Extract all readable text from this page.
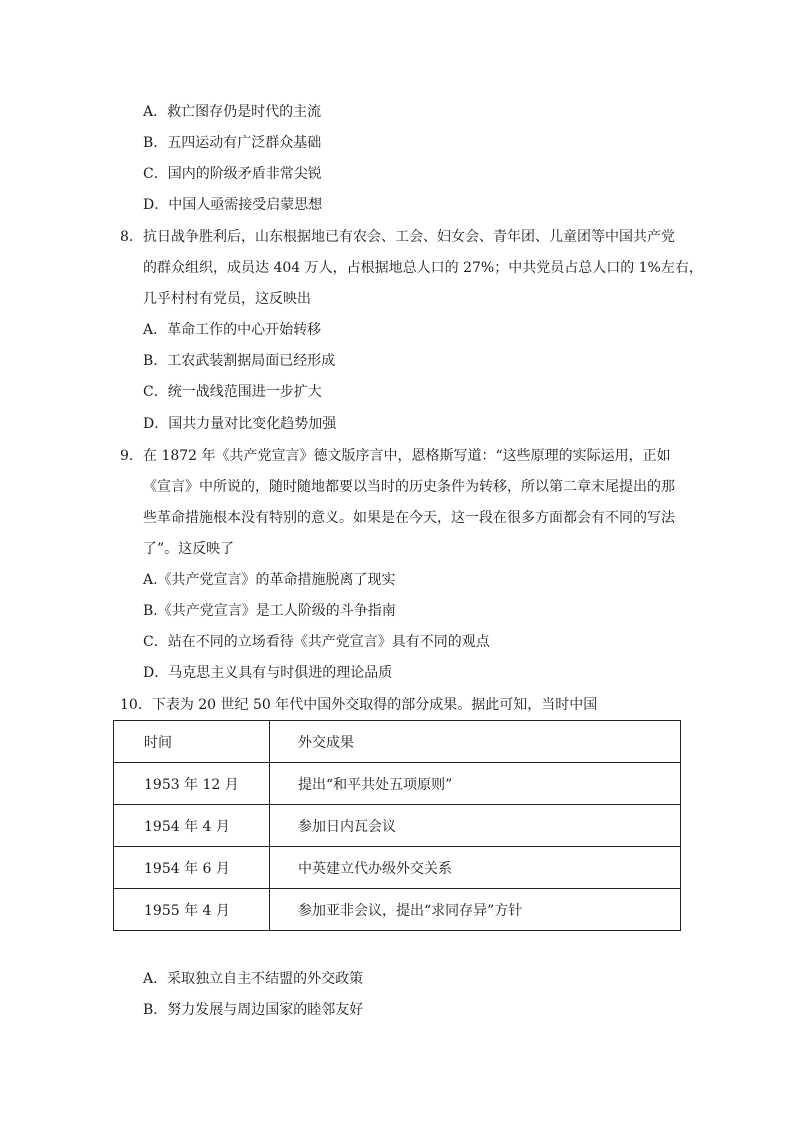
A．救亡图存仍是时代的主流
B．五四运动有广泛群众基础
C．国内的阶级矛盾非常尖锐
D．中国人亟需接受启蒙思想
8． 抗日战争胜利后，山东根据地已有农会、工会、妇女会、青年团、儿童团等中国共产党
的群众组织，成员达 404 万人，占根据地总人口的 27%；中共党员占总人口的 1%左右，
几乎村村有党员，这反映出
A．革命工作的中心开始转移
B．工农武装割据局面已经形成
C．统一战线范围进一步扩大
D．国共力量对比变化趋势加强
9． 在 1872 年《共产党宣言》德文版序言中，恩格斯写道：“这些原理的实际运用，正如
《宣言》中所说的，随时随地都要以当时的历史条件为转移，所以第二章末尾提出的那
些革命措施根本没有特别的意义。如果是在今天，这一段在很多方面都会有不同的写法
了”。这反映了
A.《共产党宣言》的革命措施脱离了现实
B.《共产党宣言》是工人阶级的斗争指南
C．站在不同的立场看待《共产党宣言》具有不同的观点
D．马克思主义具有与时俱进的理论品质
10．下表为 20 世纪 50 年代中国外交取得的部分成果。据此可知，当时中国
时间	外交成果
1953 年 12 月	提出“和平共处五项原则”
1954 年 4 月	参加日内瓦会议
1954 年 6 月	中英建立代办级外交关系
1955 年 4 月	参加亚非会议，提出“求同存异”方针
A．采取独立自主不结盟的外交政策
B．努力发展与周边国家的睦邻友好
